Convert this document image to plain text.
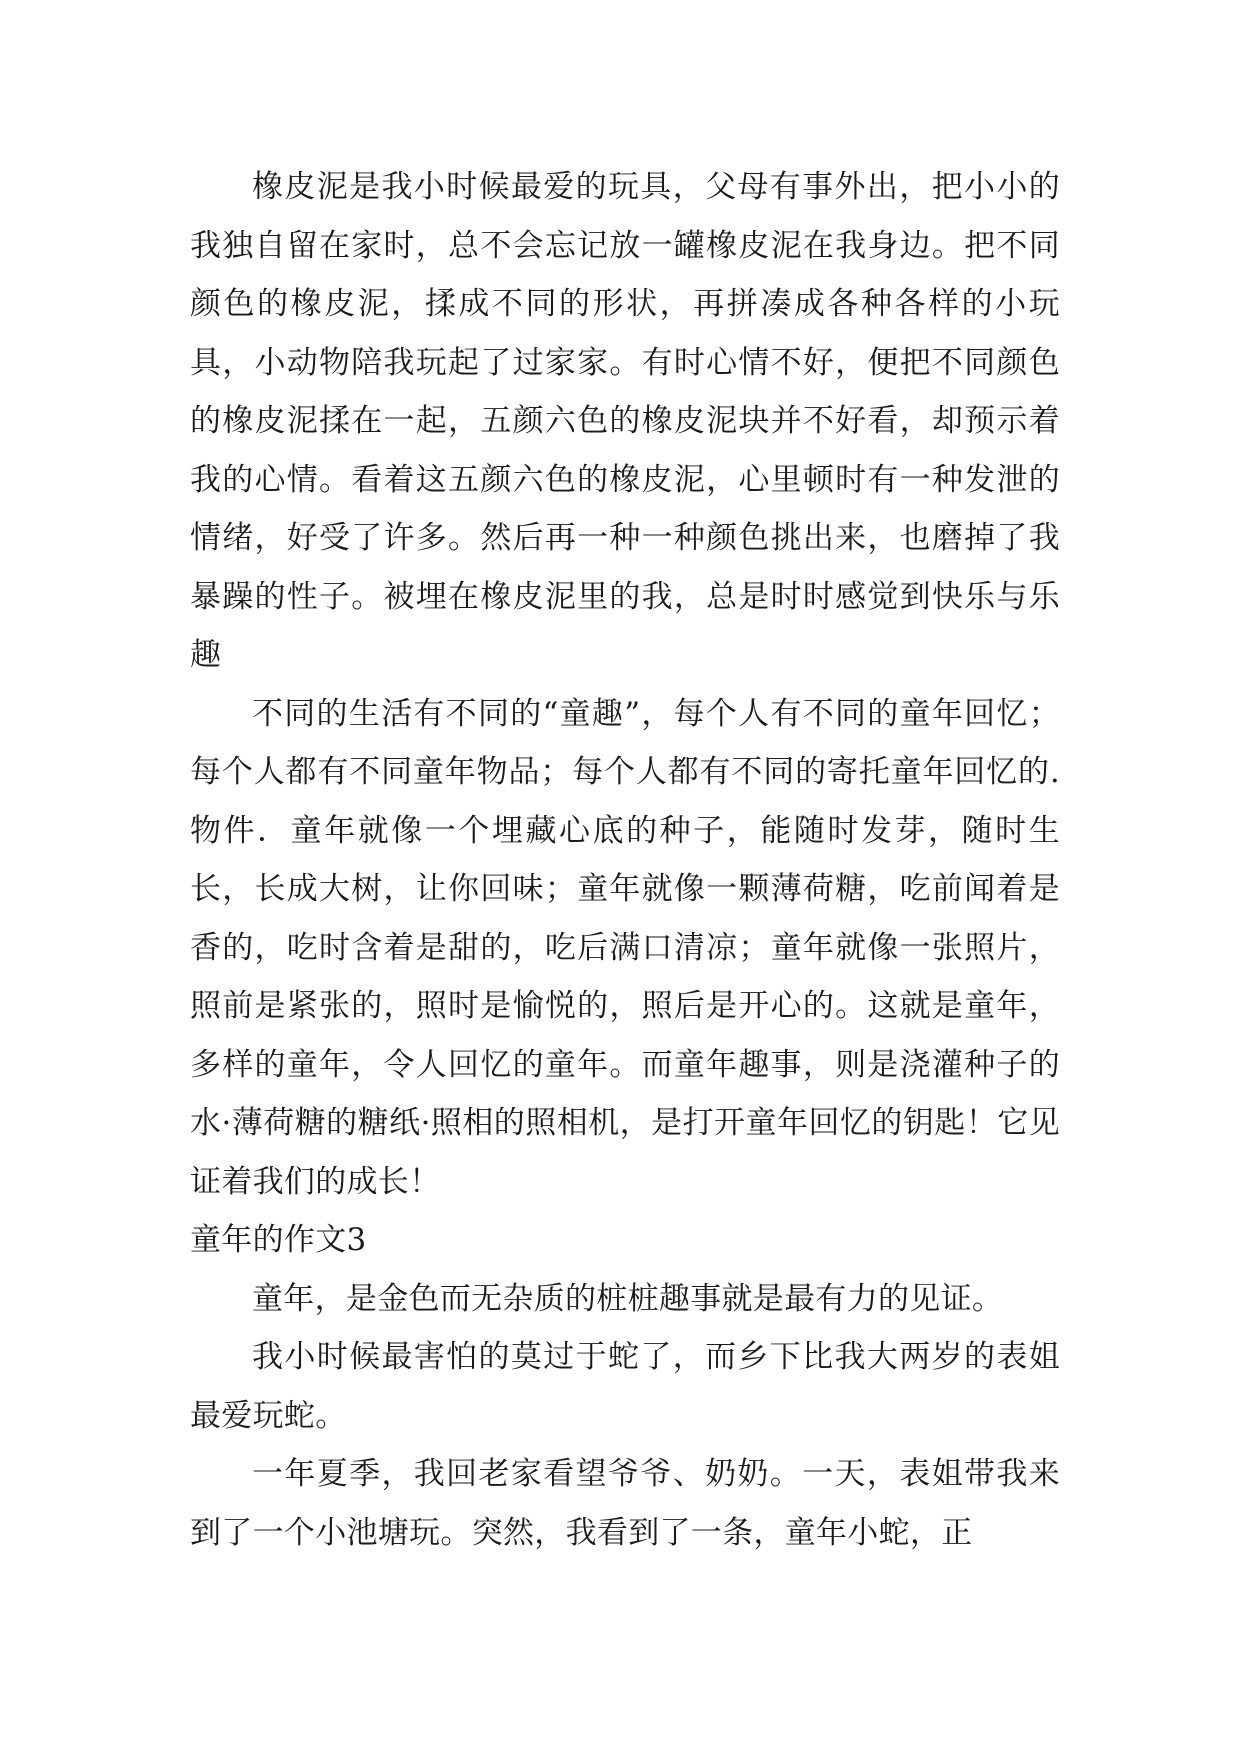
橡皮泥是我小时候最爱的玩具，父母有事外出，把小小的我独自留在家时，总不会忘记放一罐橡皮泥在我身边。把不同颜色的橡皮泥，揉成不同的形状，再拼凑成各种各样的小玩具，小动物陪我玩起了过家家。有时心情不好，便把不同颜色的橡皮泥揉在一起，五颜六色的橡皮泥块并不好看，却预示着我的心情。看着这五颜六色的橡皮泥，心里顿时有一种发泄的情绪，好受了许多。然后再一种一种颜色挑出来，也磨掉了我暴躁的性子。被埋在橡皮泥里的我，总是时时感觉到快乐与乐趣

不同的生活有不同的“童趣”，每个人有不同的童年回忆；每个人都有不同童年物品；每个人都有不同的寄托童年回忆的.物件．童年就像一个埋藏心底的种子，能随时发芽，随时生长，长成大树，让你回味；童年就像一颗薄荷糖，吃前闻着是香的，吃时含着是甜的，吃后满口清凉；童年就像一张照片，照前是紧张的，照时是愉悦的，照后是开心的。这就是童年，多样的童年，令人回忆的童年。而童年趣事，则是浇灌种子的水·薄荷糖的糖纸·照相的照相机，是打开童年回忆的钥匙！它见证着我们的成长！

童年的作文3

童年，是金色而无杂质的桩桩趣事就是最有力的见证。

我小时候最害怕的莫过于蛇了，而乡下比我大两岁的表姐最爱玩蛇。

一年夏季，我回老家看望爷爷、奶奶。一天，表姐带我来到了一个小池塘玩。突然，我看到了一条，童年小蛇，正
